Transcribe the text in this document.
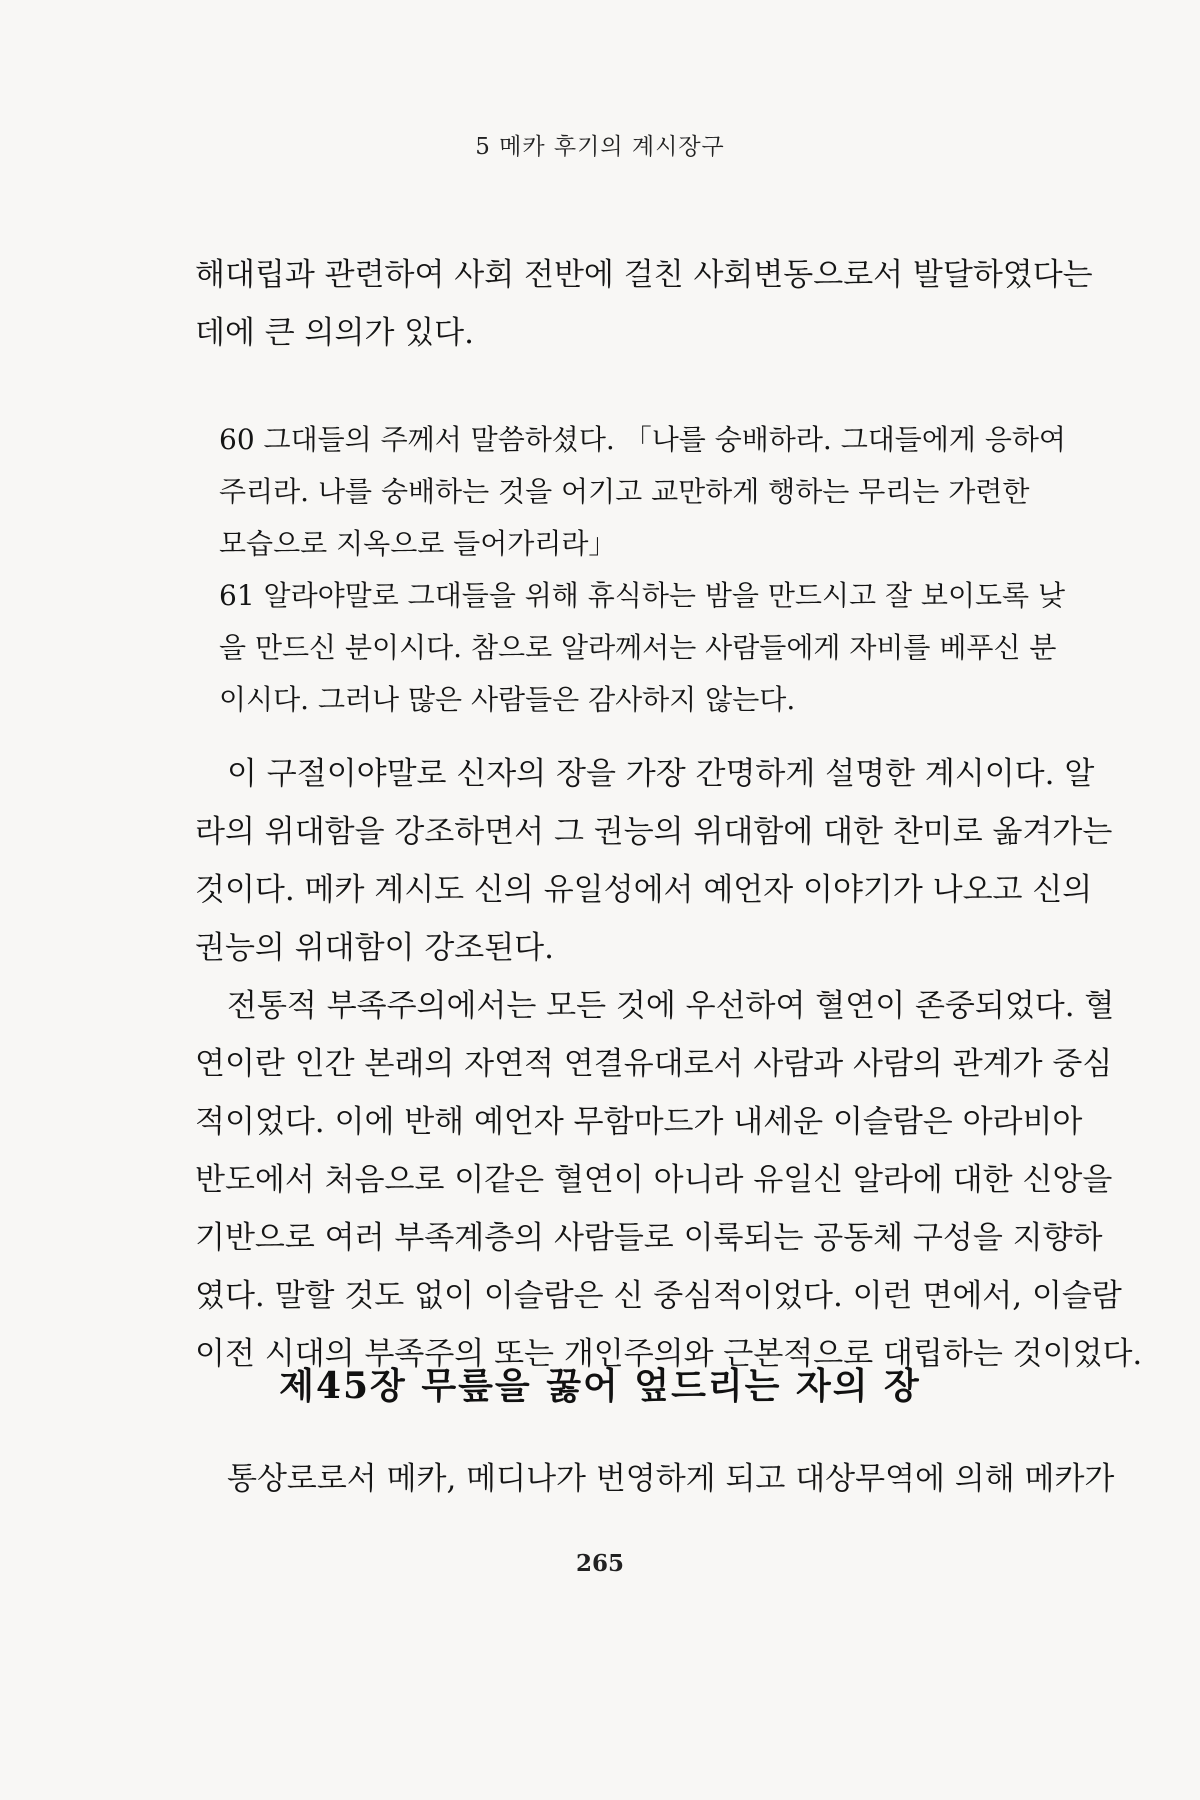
5 메카 후기의 계시장구
해대립과 관련하여 사회 전반에 걸친 사회변동으로서 발달하였다는
데에 큰 의의가 있다.
60 그대들의 주께서 말씀하셨다. 「나를 숭배하라. 그대들에게 응하여
주리라. 나를 숭배하는 것을 어기고 교만하게 행하는 무리는 가련한
모습으로 지옥으로 들어가리라」
61 알라야말로 그대들을 위해 휴식하는 밤을 만드시고 잘 보이도록 낮
을 만드신 분이시다. 참으로 알라께서는 사람들에게 자비를 베푸신 분
이시다. 그러나 많은 사람들은 감사하지 않는다.
이 구절이야말로 신자의 장을 가장 간명하게 설명한 계시이다. 알
라의 위대함을 강조하면서 그 권능의 위대함에 대한 찬미로 옮겨가는
것이다. 메카 계시도 신의 유일성에서 예언자 이야기가 나오고 신의
권능의 위대함이 강조된다.
전통적 부족주의에서는 모든 것에 우선하여 혈연이 존중되었다. 혈
연이란 인간 본래의 자연적 연결유대로서 사람과 사람의 관계가 중심
적이었다. 이에 반해 예언자 무함마드가 내세운 이슬람은 아라비아
반도에서 처음으로 이같은 혈연이 아니라 유일신 알라에 대한 신앙을
기반으로 여러 부족계층의 사람들로 이룩되는 공동체 구성을 지향하
였다. 말할 것도 없이 이슬람은 신 중심적이었다. 이런 면에서, 이슬람
이전 시대의 부족주의 또는 개인주의와 근본적으로 대립하는 것이었다.
제45장 무릎을 꿇어 엎드리는 자의 장
통상로로서 메카, 메디나가 번영하게 되고 대상무역에 의해 메카가
265
